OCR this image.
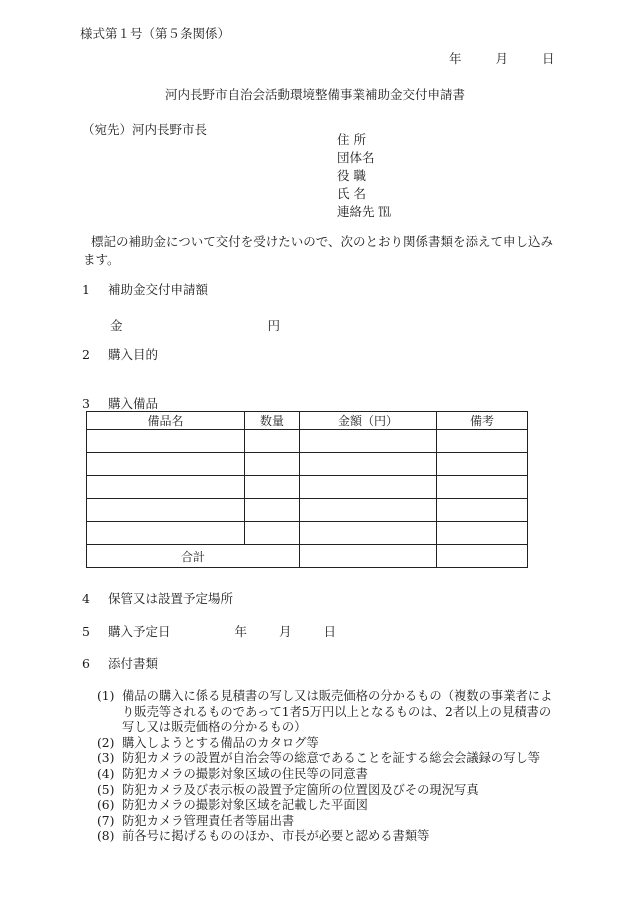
様式第１号（第５条関係）
年	月	日
河内長野市自治会活動環境整備事業補助金交付申請書
（宛先）河内長野市長
住 所
団体名
役 職
氏 名
連絡先 ℡
標記の補助金について交付を受けたいので、次のとおり関係書類を添えて申し込みます。
1 補助金交付申請額
金	円
2 購入目的
3 購入備品
備品名	数量	金額（円）	備考

合計			
4 保管又は設置予定場所
5 購入予定日	年	月	日
6 添付書類
(1) 備品の購入に係る見積書の写し又は販売価格の分かるもの（複数の事業者により販売等されるものであって1者5万円以上となるものは、2者以上の見積書の写し又は販売価格の分かるもの）
(2) 購入しようとする備品のカタログ等
(3) 防犯カメラの設置が自治会等の総意であることを証する総会会議録の写し等
(4) 防犯カメラの撮影対象区域の住民等の同意書
(5) 防犯カメラ及び表示板の設置予定箇所の位置図及びその現況写真
(6) 防犯カメラの撮影対象区域を記載した平面図
(7) 防犯カメラ管理責任者等届出書
(8) 前各号に掲げるもののほか、市長が必要と認める書類等
